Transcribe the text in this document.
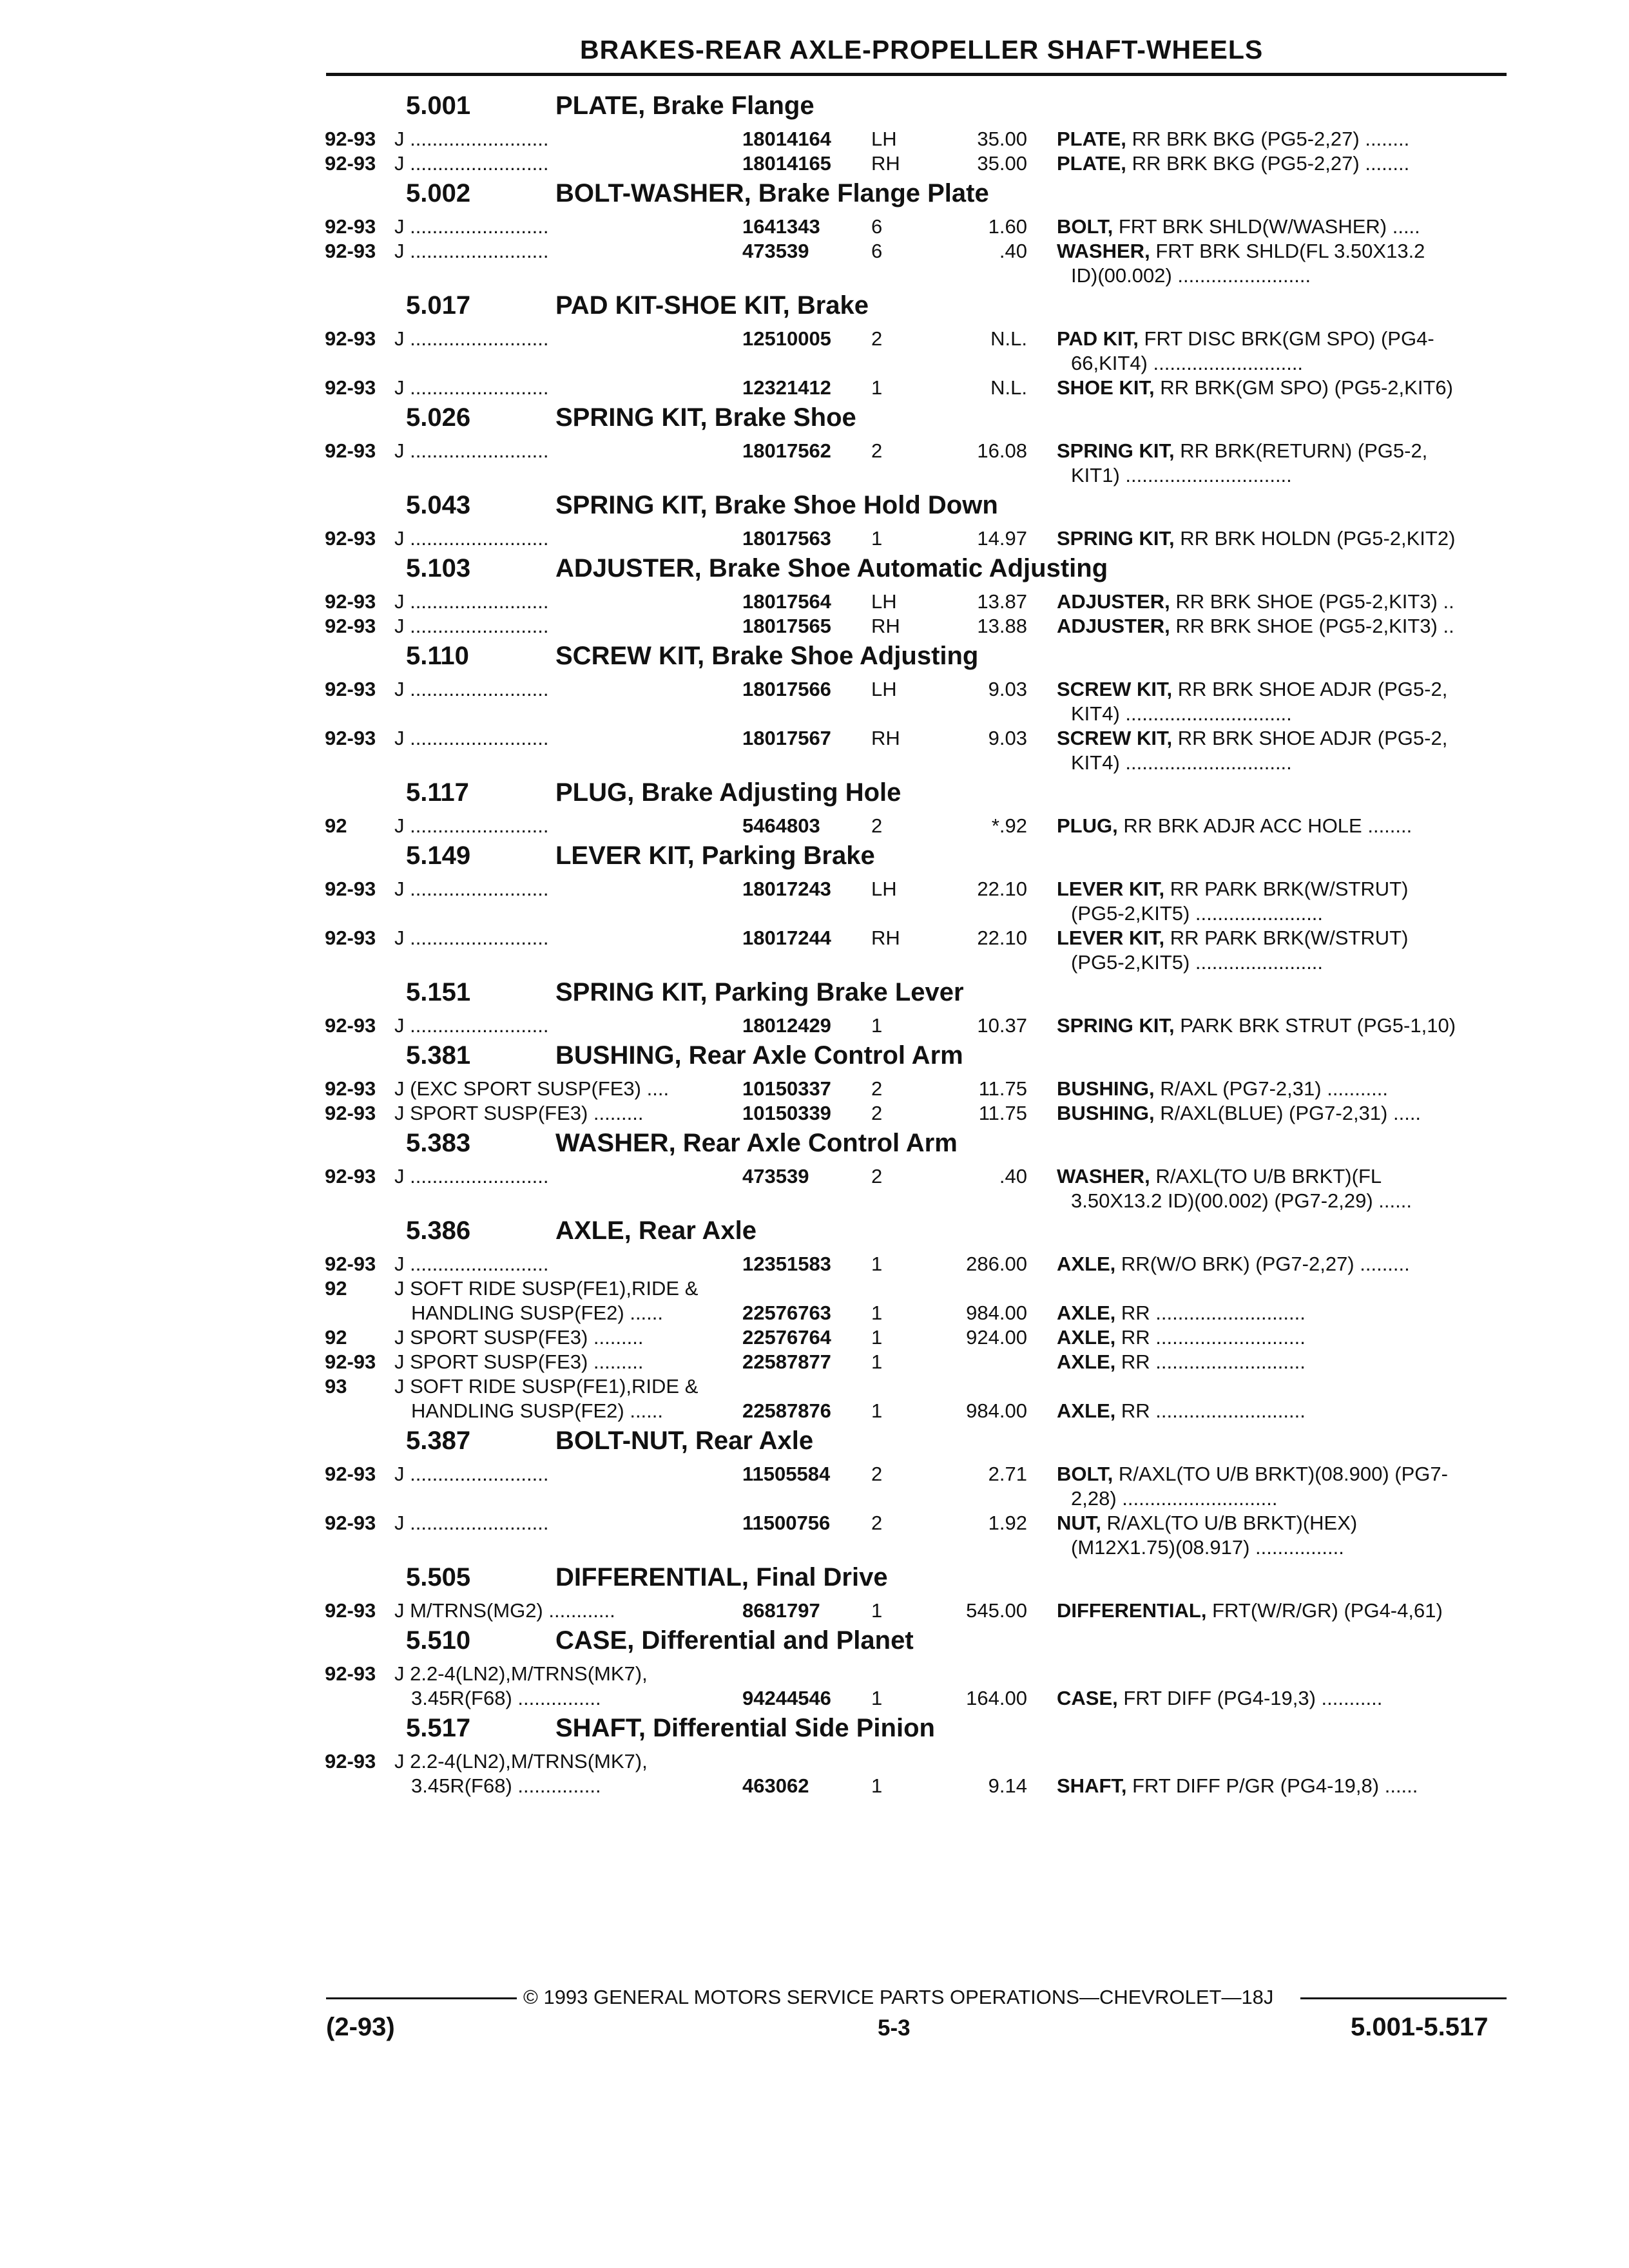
BRAKES-REAR AXLE-PROPELLER SHAFT-WHEELS
5.001	PLATE, Brake Flange
92-93 J .........................	18014164 LH	35.00 PLATE, RR BRK BKG (PG5-2,27) ........
92-93 J .........................	18014165 RH	35.00 PLATE, RR BRK BKG (PG5-2,27) ........
5.002	BOLT-WASHER, Brake Flange Plate
92-93 J .........................	1641343	6	1.60 BOLT, FRT BRK SHLD(W/WASHER) .....
92-93 J .........................	473539	6	.40 WASHER, FRT BRK SHLD(FL 3.50X13.2
ID)(00.002) ........................
5.017	PAD KIT-SHOE KIT, Brake
92-93 J .........................	12510005 2	N.L. PAD KIT, FRT DISC BRK(GM SPO) (PG4-
66,KIT4) ...........................
92-93 J .........................	12321412 1	N.L. SHOE KIT, RR BRK(GM SPO) (PG5-2,KIT6)
5.026	SPRING KIT, Brake Shoe
92-93 J .........................	18017562 2	16.08 SPRING KIT, RR BRK(RETURN) (PG5-2,
KIT1) ..............................
5.043	SPRING KIT, Brake Shoe Hold Down
92-93 J .........................	18017563 1	14.97 SPRING KIT, RR BRK HOLDN (PG5-2,KIT2)
5.103	ADJUSTER, Brake Shoe Automatic Adjusting
92-93 J .........................	18017564 LH	13.87 ADJUSTER, RR BRK SHOE (PG5-2,KIT3) ..
92-93 J .........................	18017565 RH	13.88 ADJUSTER, RR BRK SHOE (PG5-2,KIT3) ..
5.110	SCREW KIT, Brake Shoe Adjusting
92-93 J .........................	18017566 LH	9.03 SCREW KIT, RR BRK SHOE ADJR (PG5-2,
KIT4) ..............................
92-93 J .........................	18017567 RH	9.03 SCREW KIT, RR BRK SHOE ADJR (PG5-2,
KIT4) ..............................
5.117	PLUG, Brake Adjusting Hole
92 J .........................	5464803	2	*.92 PLUG, RR BRK ADJR ACC HOLE ........
5.149	LEVER KIT, Parking Brake
92-93 J .........................	18017243 LH	22.10 LEVER KIT, RR PARK BRK(W/STRUT)
(PG5-2,KIT5) .......................
92-93 J .........................	18017244 RH	22.10 LEVER KIT, RR PARK BRK(W/STRUT)
(PG5-2,KIT5) .......................
5.151	SPRING KIT, Parking Brake Lever
92-93 J .........................	18012429 1	10.37 SPRING KIT, PARK BRK STRUT (PG5-1,10)
5.381	BUSHING, Rear Axle Control Arm
92-93 J (EXC SPORT SUSP(FE3) ....	10150337 2	11.75 BUSHING, R/AXL (PG7-2,31) ...........
92-93 J SPORT SUSP(FE3) .........	10150339 2	11.75 BUSHING, R/AXL(BLUE) (PG7-2,31) .....
5.383	WASHER, Rear Axle Control Arm
92-93 J .........................	473539	2	.40 WASHER, R/AXL(TO U/B BRKT)(FL
3.50X13.2 ID)(00.002) (PG7-2,29) ......
5.386	AXLE, Rear Axle
92-93 J .........................	12351583 1	286.00 AXLE, RR(W/O BRK) (PG7-2,27) .........
92 J SOFT RIDE SUSP(FE1),RIDE &
HANDLING SUSP(FE2) ......	22576763 1	984.00 AXLE, RR ...........................
92 J SPORT SUSP(FE3) .........	22576764 1	924.00 AXLE, RR ...........................
92-93 J SPORT SUSP(FE3) .........	22587877 1	AXLE, RR ...........................
93 J SOFT RIDE SUSP(FE1),RIDE &
HANDLING SUSP(FE2) ......	22587876 1	984.00 AXLE, RR ...........................
5.387	BOLT-NUT, Rear Axle
92-93 J .........................	11505584 2	2.71 BOLT, R/AXL(TO U/B BRKT)(08.900) (PG7-
2,28) ............................
92-93 J .........................	11500756 2	1.92 NUT, R/AXL(TO U/B BRKT)(HEX)
(M12X1.75)(08.917) ................
5.505	DIFFERENTIAL, Final Drive
92-93 J M/TRNS(MG2) ............	8681797	1	545.00 DIFFERENTIAL, FRT(W/R/GR) (PG4-4,61)
5.510	CASE, Differential and Planet
92-93 J 2.2-4(LN2),M/TRNS(MK7),
3.45R(F68) ...............	94244546 1	164.00 CASE, FRT DIFF (PG4-19,3) ...........
5.517	SHAFT, Differential Side Pinion
92-93 J 2.2-4(LN2),M/TRNS(MK7),
3.45R(F68) ...............	463062	1	9.14 SHAFT, FRT DIFF P/GR (PG4-19,8) ......
© 1993 GENERAL MOTORS SERVICE PARTS OPERATIONS—CHEVROLET—18J
(2-93)	5-3	5.001-5.517
